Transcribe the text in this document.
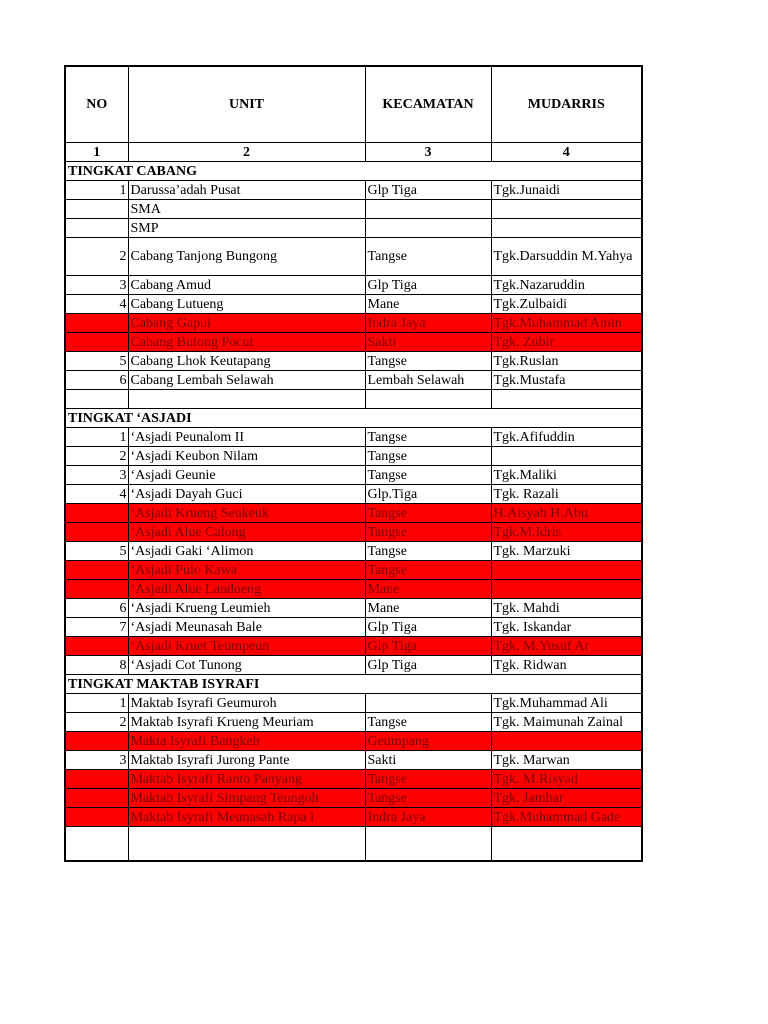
NO	UNIT	KECAMATAN	MUDARRIS
1	2	3	4
TINGKAT CABANG			
1	Darussa’adah Pusat	Glp Tiga	Tgk.Junaidi
	SMA		
	SMP		
2	Cabang Tanjong Bungong	Tangse	Tgk.Darsuddin M.Yahya
3	Cabang Amud	Glp Tiga	Tgk.Nazaruddin
4	Cabang Lutueng	Mane	Tgk.Zulbaidi
	Cabang Gapui	Indra Jaya	Tgk.Muhammad Amin
	Cabang Butong Pocut	Sakti	Tgk. Zubir
5	Cabang Lhok Keutapang	Tangse	Tgk.Ruslan
6	Cabang Lembah Selawah	Lembah Selawah	Tgk.Mustafa

TINGKAT ‘ASJADI			
1	‘Asjadi Peunalom II	Tangse	Tgk.Afifuddin
2	‘Asjadi Keubon Nilam	Tangse	
3	‘Asjadi Geunie	Tangse	Tgk.Maliki
4	‘Asjadi Dayah Guci	Glp.Tiga	Tgk. Razali
	‘Asjadi Krueng Seukeuk	Tangse	H.Aisyah H.Abu
	‘Asjadi Alue Calong	Tangse	Tgk.M.Idris
5	‘Asjadi Gaki ‘Alimon	Tangse	Tgk. Marzuki
	‘Asjadi Pulo Kawa	Tangse	
	‘Asjadi Alue Landoeng	Mane	
6	‘Asjadi Krueng Leumieh	Mane	Tgk. Mahdi
7	‘Asjadi Meunasah Bale	Glp Tiga	Tgk. Iskandar
	‘Asjadi Kruet Teumpeun	Glp Tiga	Tgk. M.Yusuf Ar
8	‘Asjadi Cot Tunong	Glp Tiga	Tgk. Ridwan
TINGKAT MAKTAB ISYRAFI			
1	Maktab Isyrafi Geumuroh		Tgk.Muhammad Ali
2	Maktab Isyrafi Krueng Meuriam	Tangse	Tgk. Maimunah Zainal
	Makta Isyrafi Bangkeh	Geumpang	
3	Maktab Isyrafi Jurong Pante	Sakti	Tgk. Marwan
	Maktab Isyrafi Ranto Panyang	Tangse	Tgk. M.Risyad
	Maktab Isyrafi Simpang Teungoh	Tangse	Tgk. Jamhar
	Maktab Isyrafi Meunasah Rapa i	Indra Jaya	Tgk.Muhammad Gade
